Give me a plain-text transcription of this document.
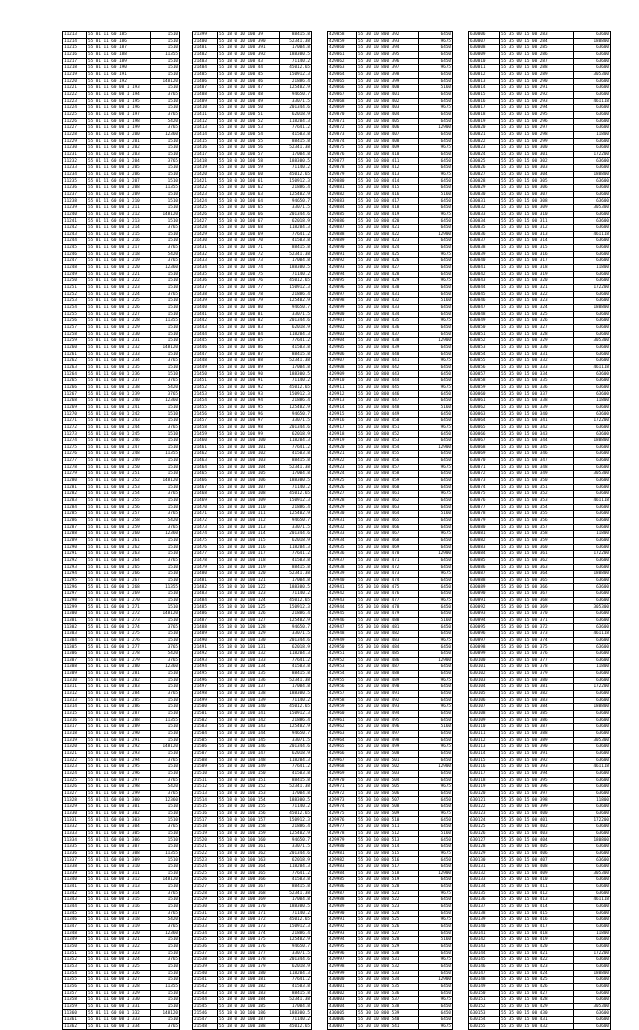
11213	55 01 11 60 185	1510
11214	55 01 11 60 186	1510
11215	55 01 11 60 187	1510
11216	55 01 11 60 188	11355
11217	55 01 11 60 189	1510
11218	55 01 11 60 190	1510
11219	55 01 11 60 191	1510
11220	55 01 11 60 192	148120
11221	55 01 11 60 00 1 193	1510
11222	55 01 11 60 00 1 194	3765
11223	55 01 11 60 00 1 195	1510
11224	55 01 11 60 00 1 196	1510
11225	55 01 11 60 00 1 197	3765
11226	55 01 11 60 00 1 198	5420
11227	55 01 11 60 00 1 199	3765
11228	55 01 11 60 00 1 200	12360
11229	55 01 11 60 00 1 201	1510
11230	55 01 11 60 00 1 202	1510
11231	55 01 11 60 00 1 203	1510
11232	55 01 11 60 00 1 204	3765
11233	55 01 11 60 00 1 205	1510
11234	55 01 11 60 00 1 206	1510
11235	55 01 11 60 00 1 207	1510
11236	55 01 11 60 00 1 208	11355
11237	55 01 11 60 00 1 209	1510
11238	55 01 11 60 00 1 210	1510
11239	55 01 11 60 00 1 211	1510
11240	55 01 11 60 00 1 212	148120
11241	55 01 11 60 00 1 213	1510
11242	55 01 11 60 00 1 214	3765
11243	55 01 11 60 00 1 215	1510
11244	55 01 11 60 00 1 216	1510
11245	55 01 11 60 00 1 217	3765
11246	55 01 11 60 00 1 218	5420
11247	55 01 11 60 00 1 219	3765
11248	55 01 11 60 00 1 220	12360
11249	55 01 11 60 00 1 221	1510
11250	55 01 11 60 00 1 222	1510
11251	55 01 11 60 00 1 223	1510
11252	55 01 11 60 00 1 224	3765
11253	55 01 11 60 00 1 225	1510
11254	55 01 11 60 00 1 226	1510
11255	55 01 11 60 00 1 227	1510
11256	55 01 11 60 00 1 228	11355
11257	55 01 11 60 00 1 229	1510
11258	55 01 11 60 00 1 230	1510
11259	55 01 11 60 00 1 231	1510
11260	55 01 11 60 00 1 232	148120
11261	55 01 11 60 00 1 233	1510
11262	55 01 11 60 00 1 234	3765
11263	55 01 11 60 00 1 235	1510
11264	55 01 11 60 00 1 236	1510
11265	55 01 11 60 00 1 237	3765
11266	55 01 11 60 00 1 238	5420
11267	55 01 11 60 00 1 239	3765
11268	55 01 11 60 00 1 240	12360
11269	55 01 11 60 00 1 241	1510
11270	55 01 11 60 00 1 242	1510
11271	55 01 11 60 00 1 243	1510
11272	55 01 11 60 00 1 244	3765
11273	55 01 11 60 00 1 245	1510
11274	55 01 11 60 00 1 246	1510
11275	55 01 11 60 00 1 247	1510
11276	55 01 11 60 00 1 248	11355
11277	55 01 11 60 00 1 249	1510
11278	55 01 11 60 00 1 250	1510
11279	55 01 11 60 00 1 251	1510
11280	55 01 11 60 00 1 252	148120
11281	55 01 11 60 00 1 253	1510
11282	55 01 11 60 00 1 254	3765
11283	55 01 11 60 00 1 255	1510
11284	55 01 11 60 00 1 256	1510
11285	55 01 11 60 00 1 257	3765
11286	55 01 11 60 00 1 258	5420
11287	55 01 11 60 00 1 259	3765
11288	55 01 11 60 00 1 260	12360
11289	55 01 11 60 00 1 261	1510
11290	55 01 11 60 00 1 262	1510
11291	55 01 11 60 00 1 263	1510
11292	55 01 11 60 00 1 264	3765
11293	55 01 11 60 00 1 265	1510
11294	55 01 11 60 00 1 266	1510
11295	55 01 11 60 00 1 267	1510
11296	55 01 11 60 00 1 268	11355
11297	55 01 11 60 00 1 269	1510
11298	55 01 11 60 00 1 270	1510
11299	55 01 11 60 00 1 271	1510
11300	55 01 11 60 00 1 272	148120
11301	55 01 11 60 00 1 273	1510
11302	55 01 11 60 00 1 274	3765
11303	55 01 11 60 00 1 275	1510
11304	55 01 11 60 00 1 276	1510
11305	55 01 11 60 00 1 277	3765
11306	55 01 11 60 00 1 278	5420
11307	55 01 11 60 00 1 279	3765
11308	55 01 11 60 00 1 280	12360
11309	55 01 11 60 00 1 281	1510
11310	55 01 11 60 00 1 282	1510
11311	55 01 11 60 00 1 283	1510
11312	55 01 11 60 00 1 284	3765
11313	55 01 11 60 00 1 285	1510
11314	55 01 11 60 00 1 286	1510
11315	55 01 11 60 00 1 287	1510
11316	55 01 11 60 00 1 288	11355
11317	55 01 11 60 00 1 289	1510
11318	55 01 11 60 00 1 290	1510
11319	55 01 11 60 00 1 291	1510
11320	55 01 11 60 00 1 292	148120
11321	55 01 11 60 00 1 293	1510
11322	55 01 11 60 00 1 294	3765
11323	55 01 11 60 00 1 295	1510
11324	55 01 11 60 00 1 296	1510
11325	55 01 11 60 00 1 297	3765
11326	55 01 11 60 00 1 298	5420
11327	55 01 11 60 00 1 299	3765
11328	55 01 11 60 00 1 300	12360
11329	55 01 11 60 00 1 301	1510
11330	55 01 11 60 00 1 302	1510
11331	55 01 11 60 00 1 303	1510
11332	55 01 11 60 00 1 304	3765
11333	55 01 11 60 00 1 305	1510
11334	55 01 11 60 00 1 306	1510
11335	55 01 11 60 00 1 307	1510
11336	55 01 11 60 00 1 308	11355
11337	55 01 11 60 00 1 309	1510
11338	55 01 11 60 00 1 310	1510
11339	55 01 11 60 00 1 311	1510
11340	55 01 11 60 00 1 312	148120
11341	55 01 11 60 00 1 313	1510
11342	55 01 11 60 00 1 314	3765
11343	55 01 11 60 00 1 315	1510
11344	55 01 11 60 00 1 316	1510
11345	55 01 11 60 00 1 317	3765
11346	55 01 11 60 00 1 318	5420
11347	55 01 11 60 00 1 319	3765
11348	55 01 11 60 00 1 320	12360
11349	55 01 11 60 00 1 321	1510
11350	55 01 11 60 00 1 322	1510
11351	55 01 11 60 00 1 323	1510
11352	55 01 11 60 00 1 324	3765
11353	55 01 11 60 00 1 325	1510
11354	55 01 11 60 00 1 326	1510
11355	55 01 11 60 00 1 327	1510
11356	55 01 11 60 00 1 328	11355
11357	55 01 11 60 00 1 329	1510
11358	55 01 11 60 00 1 330	1510
11359	55 01 11 60 00 1 331	1510
11360	55 01 11 60 00 1 332	148120
11361	55 01 11 60 00 1 333	1510
11362	55 01 11 60 00 1 334	3765
21399	55 18 0 10 100 39	88415.8
21400	55 18 0 10 100 390	52341.38
21401	55 18 0 10 100 391	17004.8
21402	55 18 0 10 100 392	188300.5
21403	55 18 0 10 100 43	71140.2
21404	55 18 0 10 100 44	45012.65
21405	55 18 0 10 100 45	150912.3
21406	55 18 0 10 100 46	21886.4
21407	55 18 0 10 100 47	125402.9
21408	55 18 0 10 100 48	94650.7
21409	55 18 0 10 100 49	33071.5
21410	55 18 0 10 100 50	201344.6
21411	55 18 0 10 100 51	62018.9
21412	55 18 0 10 100 52	118204.3
21413	55 18 0 10 100 53	77641.2
21414	55 18 0 10 100 54	41503.8
21415	55 18 0 10 100 55	88415.8
21416	55 18 0 10 100 56	52341.38
21417	55 18 0 10 100 57	17004.8
21418	55 18 0 10 100 58	188300.5
21419	55 18 0 10 100 59	71140.2
21420	55 18 0 10 100 60	45012.65
21421	55 18 0 10 100 61	150912.3
21422	55 18 0 10 100 62	21886.4
21423	55 18 0 10 100 63	125402.9
21424	55 18 0 10 100 64	94650.7
21425	55 18 0 10 100 65	33071.5
21426	55 18 0 10 100 66	201344.6
21427	55 18 0 10 100 67	62018.9
21428	55 18 0 10 100 68	118204.3
21429	55 18 0 10 100 69	77641.2
21430	55 18 0 10 100 70	41503.8
21431	55 18 0 10 100 71	88415.8
21432	55 18 0 10 100 72	52341.38
21433	55 18 0 10 100 73	17004.8
21434	55 18 0 10 100 74	188300.5
21435	55 18 0 10 100 75	71140.2
21436	55 18 0 10 100 76	45012.65
21437	55 18 0 10 100 77	150912.3
21438	55 18 0 10 100 78	21886.4
21439	55 18 0 10 100 79	125402.9
21440	55 18 0 10 100 80	94650.7
21441	55 18 0 10 100 81	33071.5
21442	55 18 0 10 100 82	201344.6
21443	55 18 0 10 100 83	62018.9
21444	55 18 0 10 100 84	118204.3
21445	55 18 0 10 100 85	77641.2
21446	55 18 0 10 100 86	41503.8
21447	55 18 0 10 100 87	88415.8
21448	55 18 0 10 100 88	52341.38
21449	55 18 0 10 100 89	17004.8
21450	55 18 0 10 100 90	188300.5
21451	55 18 0 10 100 91	71140.2
21452	55 18 0 10 100 92	45012.65
21453	55 18 0 10 100 93	150912.3
21454	55 18 0 10 100 94	21886.4
21455	55 18 0 10 100 95	125402.9
21456	55 18 0 10 100 96	94650.7
21457	55 18 0 10 100 97	33071.5
21458	55 18 0 10 100 98	201344.6
21459	55 18 0 10 100 99	62018.9
21460	55 18 0 10 100 100	118204.3
21461	55 18 0 10 100 101	77641.2
21462	55 18 0 10 100 102	41503.8
21463	55 18 0 10 100 103	88415.8
21464	55 18 0 10 100 104	52341.38
21465	55 18 0 10 100 105	17004.8
21466	55 18 0 10 100 106	188300.5
21467	55 18 0 10 100 107	71140.2
21468	55 18 0 10 100 108	45012.65
21469	55 18 0 10 100 109	150912.3
21470	55 18 0 10 100 110	21886.4
21471	55 18 0 10 100 111	125402.9
21472	55 18 0 10 100 112	94650.7
21473	55 18 0 10 100 113	33071.5
21474	55 18 0 10 100 114	201344.6
21475	55 18 0 10 100 115	62018.9
21476	55 18 0 10 100 116	118204.3
21477	55 18 0 10 100 117	77641.2
21478	55 18 0 10 100 118	41503.8
21479	55 18 0 10 100 119	88415.8
21480	55 18 0 10 100 120	52341.38
21481	55 18 0 10 100 121	17004.8
21482	55 18 0 10 100 122	188300.5
21483	55 18 0 10 100 123	71140.2
21484	55 18 0 10 100 124	45012.65
21485	55 18 0 10 100 125	150912.3
21486	55 18 0 10 100 126	21886.4
21487	55 18 0 10 100 127	125402.9
21488	55 18 0 10 100 128	94650.7
21489	55 18 0 10 100 129	33071.5
21490	55 18 0 10 100 130	201344.6
21491	55 18 0 10 100 131	62018.9
21492	55 18 0 10 100 132	118204.3
21493	55 18 0 10 100 133	77641.2
21494	55 18 0 10 100 134	41503.8
21495	55 18 0 10 100 135	88415.8
21496	55 18 0 10 100 136	52341.38
21497	55 18 0 10 100 137	17004.8
21498	55 18 0 10 100 138	188300.5
21499	55 18 0 10 100 139	71140.2
21500	55 18 0 10 100 140	45012.65
21501	55 18 0 10 100 141	150912.3
21502	55 18 0 10 100 142	21886.4
21503	55 18 0 10 100 143	125402.9
21504	55 18 0 10 100 144	94650.7
21505	55 18 0 10 100 145	33071.5
21506	55 18 0 10 100 146	201344.6
21507	55 18 0 10 100 147	62018.9
21508	55 18 0 10 100 148	118204.3
21509	55 18 0 10 100 149	77641.2
21510	55 18 0 10 100 150	41503.8
21511	55 18 0 10 100 151	88415.8
21512	55 18 0 10 100 152	52341.38
21513	55 18 0 10 100 153	17004.8
21514	55 18 0 10 100 154	188300.5
21515	55 18 0 10 100 155	71140.2
21516	55 18 0 10 100 156	45012.65
21517	55 18 0 10 100 157	150912.3
21518	55 18 0 10 100 158	21886.4
21519	55 18 0 10 100 159	125402.9
21520	55 18 0 10 100 160	94650.7
21521	55 18 0 10 100 161	33071.5
21522	55 18 0 10 100 162	201344.6
21523	55 18 0 10 100 163	62018.9
21524	55 18 0 10 100 164	118204.3
21525	55 18 0 10 100 165	77641.2
21526	55 18 0 10 100 166	41503.8
21527	55 18 0 10 100 167	88415.8
21528	55 18 0 10 100 168	52341.38
21529	55 18 0 10 100 169	17004.8
21530	55 18 0 10 100 170	188300.5
21531	55 18 0 10 100 171	71140.2
21532	55 18 0 10 100 172	45012.65
21533	55 18 0 10 100 173	150912.3
21534	55 18 0 10 100 174	21886.4
21535	55 18 0 10 100 175	125402.9
21536	55 18 0 10 100 176	94650.7
21537	55 18 0 10 100 177	33071.5
21538	55 18 0 10 100 178	201344.6
21539	55 18 0 10 100 179	62018.9
21540	55 18 0 10 100 180	118204.3
21541	55 18 0 10 100 181	77641.2
21542	55 18 0 10 100 182	41503.8
21543	55 18 0 10 100 183	88415.8
21544	55 18 0 10 100 184	52341.38
21545	55 18 0 10 100 185	17004.8
21546	55 18 0 10 100 186	188300.5
21547	55 18 0 10 100 187	71140.2
21548	55 18 0 10 100 188	45012.65
429858	55 30 10 800 392	6450
429859	55 30 10 800 393	9675
429860	55 30 10 800 394	6450
429861	55 30 10 800 395	6450
429862	55 30 10 800 396	6450
429863	55 30 10 800 397	9675
429864	55 30 10 800 398	6450
429865	55 30 10 800 399	6450
429866	55 30 10 800 400	5160
429867	55 30 10 800 401	6450
429868	55 30 10 800 402	6450
429869	55 30 10 800 403	9675
429870	55 30 10 800 404	6450
429871	55 30 10 800 405	6450
429872	55 30 10 800 406	12900
429873	55 30 10 800 407	6450
429874	55 30 10 800 408	6450
429875	55 30 10 800 409	9675
429876	55 30 10 800 410	6450
429877	55 30 10 800 411	6450
429878	55 30 10 800 412	6450
429879	55 30 10 800 413	9675
429880	55 30 10 800 414	6450
429881	55 30 10 800 415	6450
429882	55 30 10 800 416	5160
429883	55 30 10 800 417	6450
429884	55 30 10 800 418	6450
429885	55 30 10 800 419	9675
429886	55 30 10 800 420	6450
429887	55 30 10 800 421	6450
429888	55 30 10 800 422	12900
429889	55 30 10 800 423	6450
429890	55 30 10 800 424	6450
429891	55 30 10 800 425	9675
429892	55 30 10 800 426	6450
429893	55 30 10 800 427	6450
429894	55 30 10 800 428	6450
429895	55 30 10 800 429	9675
429896	55 30 10 800 430	6450
429897	55 30 10 800 431	6450
429898	55 30 10 800 432	5160
429899	55 30 10 800 433	6450
429900	55 30 10 800 434	6450
429901	55 30 10 800 435	9675
429902	55 30 10 800 436	6450
429903	55 30 10 800 437	6450
429904	55 30 10 800 438	12900
429905	55 30 10 800 439	6450
429906	55 30 10 800 440	6450
429907	55 30 10 800 441	9675
429908	55 30 10 800 442	6450
429909	55 30 10 800 443	6450
429910	55 30 10 800 444	6450
429911	55 30 10 800 445	9675
429912	55 30 10 800 446	6450
429913	55 30 10 800 447	6450
429914	55 30 10 800 448	5160
429915	55 30 10 800 449	6450
429916	55 30 10 800 450	6450
429917	55 30 10 800 451	9675
429918	55 30 10 800 452	6450
429919	55 30 10 800 453	6450
429920	55 30 10 800 454	12900
429921	55 30 10 800 455	6450
429922	55 30 10 800 456	6450
429923	55 30 10 800 457	9675
429924	55 30 10 800 458	6450
429925	55 30 10 800 459	6450
429926	55 30 10 800 460	6450
429927	55 30 10 800 461	9675
429928	55 30 10 800 462	6450
429929	55 30 10 800 463	6450
429930	55 30 10 800 464	5160
429931	55 30 10 800 465	6450
429932	55 30 10 800 466	6450
429933	55 30 10 800 467	9675
429934	55 30 10 800 468	6450
429935	55 30 10 800 469	6450
429936	55 30 10 800 470	12900
429937	55 30 10 800 471	6450
429938	55 30 10 800 472	6450
429939	55 30 10 800 473	9675
429940	55 30 10 800 474	6450
429941	55 30 10 800 475	6450
429942	55 30 10 800 476	6450
429943	55 30 10 800 477	9675
429944	55 30 10 800 478	6450
429945	55 30 10 800 479	6450
429946	55 30 10 800 480	5160
429947	55 30 10 800 481	6450
429948	55 30 10 800 482	6450
429949	55 30 10 800 483	9675
429950	55 30 10 800 484	6450
429951	55 30 10 800 485	6450
429952	55 30 10 800 486	12900
429953	55 30 10 800 487	6450
429954	55 30 10 800 488	6450
429955	55 30 10 800 489	9675
429956	55 30 10 800 490	6450
429957	55 30 10 800 491	6450
429958	55 30 10 800 492	6450
429959	55 30 10 800 493	9675
429960	55 30 10 800 494	6450
429961	55 30 10 800 495	6450
429962	55 30 10 800 496	5160
429963	55 30 10 800 497	6450
429964	55 30 10 800 498	6450
429965	55 30 10 800 499	9675
429966	55 30 10 800 500	6450
429967	55 30 10 800 501	6450
429968	55 30 10 800 502	12900
429969	55 30 10 800 503	6450
429970	55 30 10 800 504	6450
429971	55 30 10 800 505	9675
429972	55 30 10 800 506	6450
429973	55 30 10 800 507	6450
429974	55 30 10 800 508	6450
429975	55 30 10 800 509	9675
429976	55 30 10 800 510	6450
429977	55 30 10 800 511	6450
429978	55 30 10 800 512	5160
429979	55 30 10 800 513	6450
429980	55 30 10 800 514	6450
429981	55 30 10 800 515	9675
429982	55 30 10 800 516	6450
429983	55 30 10 800 517	6450
429984	55 30 10 800 518	12900
429985	55 30 10 800 519	6450
429986	55 30 10 800 520	6450
429987	55 30 10 800 521	9675
429988	55 30 10 800 522	6450
429989	55 30 10 800 523	6450
429990	55 30 10 800 524	6450
429991	55 30 10 800 525	9675
429992	55 30 10 800 526	6450
429993	55 30 10 800 527	6450
429994	55 30 10 800 528	5160
429995	55 30 10 800 529	6450
429996	55 30 10 800 530	6450
429997	55 30 10 800 531	9675
429998	55 30 10 800 532	6450
429999	55 30 10 800 533	6450
430000	55 30 10 800 534	12900
430001	55 30 10 800 535	6450
430002	55 30 10 800 536	6450
430003	55 30 10 800 537	9675
430004	55 30 10 800 538	6450
430005	55 30 10 800 539	6450
430006	55 30 10 800 540	6450
430007	55 30 10 800 541	9675
630006	55 35 00 15 00 283	63600
630007	55 35 00 15 00 284	180800
630008	55 35 00 15 00 285	63600
630009	55 35 00 15 00 286	63600
630010	55 35 00 15 00 287	63600
630011	55 35 00 15 00 288	63600
630012	55 35 00 15 00 289	305300
630013	55 35 00 15 00 290	63600
630014	55 35 00 15 00 291	63600
630015	55 35 00 15 00 292	63600
630016	55 35 00 15 00 293	461118
630017	55 35 00 15 00 294	63600
630018	55 35 00 15 00 295	63600
630019	55 35 00 15 00 296	63600
630020	55 35 00 15 00 297	63600
630021	55 35 00 15 00 298	11800
630022	55 35 00 15 00 299	63600
630023	55 35 00 15 00 300	63600
630024	55 35 00 15 00 301	172200
630025	55 35 00 15 00 302	63600
630026	55 35 00 15 00 303	63600
630027	55 35 00 15 00 304	180800
630028	55 35 00 15 00 305	63600
630029	55 35 00 15 00 306	63600
630030	55 35 00 15 00 307	63600
630031	55 35 00 15 00 308	63600
630032	55 35 00 15 00 309	305300
630033	55 35 00 15 00 310	63600
630034	55 35 00 15 00 311	63600
630035	55 35 00 15 00 312	63600
630036	55 35 00 15 00 313	461118
630037	55 35 00 15 00 314	63600
630038	55 35 00 15 00 315	63600
630039	55 35 00 15 00 316	63600
630040	55 35 00 15 00 317	63600
630041	55 35 00 15 00 318	11800
630042	55 35 00 15 00 319	63600
630043	55 35 00 15 00 320	63600
630044	55 35 00 15 00 321	172200
630045	55 35 00 15 00 322	63600
630046	55 35 00 15 00 323	63600
630047	55 35 00 15 00 324	180800
630048	55 35 00 15 00 325	63600
630049	55 35 00 15 00 326	63600
630050	55 35 00 15 00 327	63600
630051	55 35 00 15 00 328	63600
630052	55 35 00 15 00 329	305300
630053	55 35 00 15 00 330	63600
630054	55 35 00 15 00 331	63600
630055	55 35 00 15 00 332	63600
630056	55 35 00 15 00 333	461118
630057	55 35 00 15 00 334	63600
630058	55 35 00 15 00 335	63600
630059	55 35 00 15 00 336	63600
630060	55 35 00 15 00 337	63600
630061	55 35 00 15 00 338	11800
630062	55 35 00 15 00 339	63600
630063	55 35 00 15 00 340	63600
630064	55 35 00 15 00 341	172200
630065	55 35 00 15 00 342	63600
630066	55 35 00 15 00 343	63600
630067	55 35 00 15 00 344	180800
630068	55 35 00 15 00 345	63600
630069	55 35 00 15 00 346	63600
630070	55 35 00 15 00 347	63600
630071	55 35 00 15 00 348	63600
630072	55 35 00 15 00 349	305300
630073	55 35 00 15 00 350	63600
630074	55 35 00 15 00 351	63600
630075	55 35 00 15 00 352	63600
630076	55 35 00 15 00 353	461118
630077	55 35 00 15 00 354	63600
630078	55 35 00 15 00 355	63600
630079	55 35 00 15 00 356	63600
630080	55 35 00 15 00 357	63600
630081	55 35 00 15 00 358	11800
630082	55 35 00 15 00 359	63600
630083	55 35 00 15 00 360	63600
630084	55 35 00 15 00 361	172200
630085	55 35 00 15 00 362	63600
630086	55 35 00 15 00 363	63600
630087	55 35 00 15 00 364	180800
630088	55 35 00 15 00 365	63600
630089	55 35 00 15 00 366	63600
630090	55 35 00 15 00 367	63600
630091	55 35 00 15 00 368	63600
630092	55 35 00 15 00 369	305300
630093	55 35 00 15 00 370	63600
630094	55 35 00 15 00 371	63600
630095	55 35 00 15 00 372	63600
630096	55 35 00 15 00 373	461118
630097	55 35 00 15 00 374	63600
630098	55 35 00 15 00 375	63600
630099	55 35 00 15 00 376	63600
630100	55 35 00 15 00 377	63600
630101	55 35 00 15 00 378	11800
630102	55 35 00 15 00 379	63600
630103	55 35 00 15 00 380	63600
630104	55 35 00 15 00 381	172200
630105	55 35 00 15 00 382	63600
630106	55 35 00 15 00 383	63600
630107	55 35 00 15 00 384	180800
630108	55 35 00 15 00 385	63600
630109	55 35 00 15 00 386	63600
630110	55 35 00 15 00 387	63600
630111	55 35 00 15 00 388	63600
630112	55 35 00 15 00 389	305300
630113	55 35 00 15 00 390	63600
630114	55 35 00 15 00 391	63600
630115	55 35 00 15 00 392	63600
630116	55 35 00 15 00 393	461118
630117	55 35 00 15 00 394	63600
630118	55 35 00 15 00 395	63600
630119	55 35 00 15 00 396	63600
630120	55 35 00 15 00 397	63600
630121	55 35 00 15 00 398	11800
630122	55 35 00 15 00 399	63600
630123	55 35 00 15 00 400	63600
630124	55 35 00 15 00 401	172200
630125	55 35 00 15 00 402	63600
630126	55 35 00 15 00 403	63600
630127	55 35 00 15 00 404	180800
630128	55 35 00 15 00 405	63600
630129	55 35 00 15 00 406	63600
630130	55 35 00 15 00 407	63600
630131	55 35 00 15 00 408	63600
630132	55 35 00 15 00 409	305300
630133	55 35 00 15 00 410	63600
630134	55 35 00 15 00 411	63600
630135	55 35 00 15 00 412	63600
630136	55 35 00 15 00 413	461118
630137	55 35 00 15 00 414	63600
630138	55 35 00 15 00 415	63600
630139	55 35 00 15 00 416	63600
630140	55 35 00 15 00 417	63600
630141	55 35 00 15 00 418	11800
630142	55 35 00 15 00 419	63600
630143	55 35 00 15 00 420	63600
630144	55 35 00 15 00 421	172200
630145	55 35 00 15 00 422	63600
630146	55 35 00 15 00 423	63600
630147	55 35 00 15 00 424	180800
630148	55 35 00 15 00 425	63600
630149	55 35 00 15 00 426	63600
630150	55 35 00 15 00 427	63600
630151	55 35 00 15 00 428	63600
630152	55 35 00 15 00 429	305300
630153	55 35 00 15 00 430	63600
630154	55 35 00 15 00 431	63600
630155	55 35 00 15 00 432	63600
